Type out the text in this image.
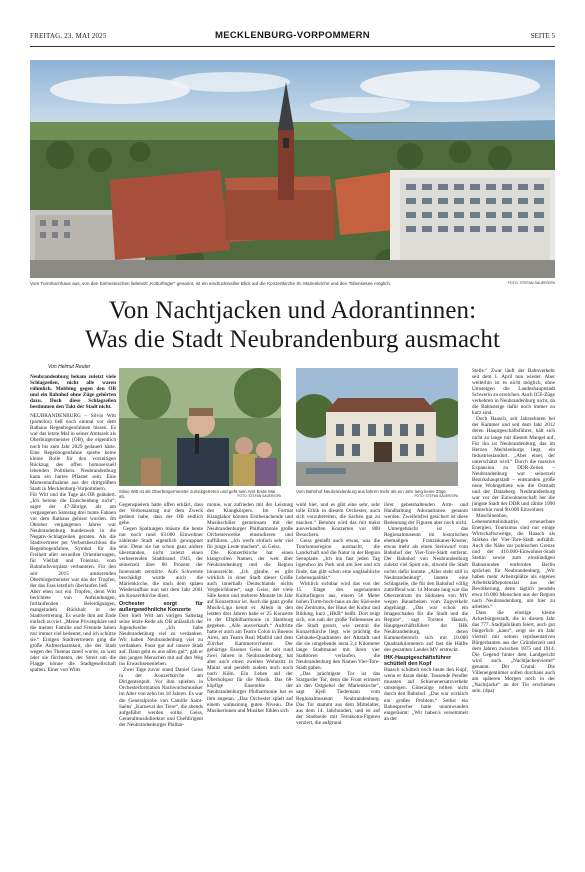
FREITAG, 23. MAI 2025	MECKLENBURG-VORPOMMERN	SEITE 5
Vom Turmhochhaus aus, von den Einheimischen liebevoll „Kulturfinger“ genannt, ist ein eindrucksvoller Blick auf die Konzertkirche St. Marienkirche und den Tollensesee möglich.	FOTO: STEFAN SAUER/DPA
Von Nachtjacken und Adorantinnen:
Was die Stadt Neubrandenburg ausmacht
Von Helmut Reuter

Neubrandenburg bekam zuletzt viele Schlagzeilen, nicht alle waren rühmlich. Mobbing gegen den OB und ein Bahnhof ohne Züge gehörten dazu. Doch diese Schlagzeilen bestimmen den Takt der Stadt nicht.

NEUBRANDENBURG – Silvio Witt (parteilos) ließ noch einmal vor dem Rathaus Regenbogenfahnen hissen. Es war das letzte Mal in seiner Amtszeit als Oberbürgermeister (OB), die eigentlich noch bis zum Jahr 2029 gedauert hätte. Eine Regenbogenfahne spielte keine kleine Rolle für den vorzeitigen Rückzug des offen homosexuell lebenden Politikers. Neubrandenburg kann ein hartes Pflaster sein. Eine Momentaufnahme aus der drittgrößten Stadt in Mecklenburg-Vorpommern.

Für Witt und die Tage als OB geändert. „Ich bereue die Entscheidung nicht“, sagte der 47-Jährige, als am vergangenen Samstag drei bunte Fahnen vor dem Rathaus gehisst wurden. Im Oktober vergangenen Jahres war Neubrandenburg bundesweit in die Negativ-Schlagzeilen geraten. Als die Stadtvertreter per Verbotsbeschluss die Regenbogenfahne, Symbol für die Freiheit aller sexuellen Orientierungen, für Vielfalt und Toleranz, vom Bahnhofsvorplatz verbannten. Für den seit 2015 amtierenden Oberbürgermeister war das der Tropfen, der das Fass letztlich überlaufen ließ.

Aber eben nur ein Tropfen, denn Witt berichtete von Anfeindungen, fortlaufenden Beleidigungen, mangelndem Rückhalt in der Stadtvertretung. Es wurde ihm am Ende einfach zu viel. „Meine Privatsphäre und die meiner Familie und Freunde haben mir immer viel bedeutet, und ich schütze sie.“ Einigen Stadtvertretern ging die große Aufmerksamkeit, die der Stadt wegen des Themas zuteil wurde, zu weit oder sie fürchteten, der Streit um die Flagge könne die Stadtgesellschaft spalten. Einer von Witts

Silvio Witt ist als Oberbürgermeister zurückgetreten und geht sein Amt Ende Mai ab.	FOTO: STEFAN SAUER/DPA
Vom Bahnhof Neubrandenburg aus fahren mehr als ein Jahr lang keine Züge.
FOTO: STEFAN SAUER/DPA

Gegenspielern hatte offen erklärt, dass der Verbotsantrag nur dem Zweck gedient habe, dass der OB endlich gehe.

Gegen Spaltungen müsste die heute nur noch rund 63.000 Einwohner zählende Stadt eigentlich gewappnet sein. Denn sie hat schon ganz andere überstanden, nicht zuletzt einen verheerenden Stadtbrand 1945, der seinerzeit über 80 Prozent der Innenstadt zerstörte. Aufs Schwerste beschädigt wurde auch die Marienkirche, die nach dem späten Wiederaufbau nun seit dem Jahr 2001 als Konzertkirche dient.

Orchester sorgt für außergewöhnliche Konzerte

Dort hielt Witt am vorigen Samstag seine letzte Rede als OB anlässlich der Jugendweihe. „Ich habe Neubrandenburg viel zu verdanken. Wir haben Neubrandenburg viel zu verdanken. Passt gut auf unsere Stadt auf. Dann geht es uns allen gut“, gab er den jungen Menschen mit auf den Weg ins Erwachsenenleben.

Zwei Tage zuvor stand Daniel Geiss in der Konzertkirche am Dirigentenpult. Vor ihm spielten in Orchesterformation Nachwuchsmusiker im Alter von zehn bis 18 Jahren. Es war die Generalprobe von Camille Saint-Saëns' „Karneval der Tiere“, die abends aufgeführt werden sollte. Geiss, Generalmusikdirektor und Chefdirigent der Neubrandenburger Philhar-

monie, war zufrieden mit der Leistung des Klangkörpers. Im Format Klanglabor können Erstbesuchende und Musikschüler gemeinsam mit der Neubrandenburger Philharmonie große Orchesterwerke einstudieren und aufführen. „Ich werfe einfach sehr viel für junge Leute machen“, so Geiss.

Die Konzertkirche hat einen klangvollen Namen, der weit über Neubrandenburg und die Region hinausreicht. „Ich glaube, es gibt wirklich in einer Stadt dieser Größe auch innerhalb Deutschlands nichts Vergleichbares“, sagt Geiss, der viele Säle kennt und mehrere Monate im Jahr auf Konzerttour ist. Auch die ganz große Musik-Liga kennt er. Allein in den letzten drei Jahren habe er 25 Konzerte in der Elbphilharmonie in Hamburg gegeben. „Alle ausverkauft.“ Auftritte hatte er auch am Teatro Colon in Buenos Aires, am Teatro Real Madrid und dem Zürcher Kammerorchester. Der gebürtige Essener Geiss ist seit rund zwei Jahren in Neubrandenburg, hat aber auch einen zweiten Wohnsitz in Mainz und pendelt zudem auch noch nach Köln. Ein Leben auf der Überholspur für die Musik. Das 68-köpfige Ensemble der Neubrandenburger Philharmonie hat es ihm angetan. „Das Orchester spielt auf einem wahnsinnig guten Niveau. Die Musikerinnen und Musiker fühlen sich

wohl hier, und es gibt eine sehr, sehr tolle Ethik in diesem Orchester, auch sich vorzubereiten, die Sachen gut zu machen.“ Belohnt wird das mit meist ausverkauften Konzerten vor 800 Besuchern.

Geiss genießt auch etwas, was die Tourismusregion ausmacht, die Landschaft und die Natur in der Region Seenplatte. „Ich bin fast jeden Tag irgendwo im Park und am See und ich finde, das gibt schon eine unglaubliche Lebensqualität.“

Wirklich sichtbar wird das von der 15. Etage des sogenannten Kulturfingers aus, einem 56 Meter hohen Turm-hoch-haus an der Süd-seite des Zentrums, der Haus der Kultur und Bildung, kurz „HKB“ heißt. Dort zeigt sich, wie nah der große Tollensesee an die Stadt grenzt, wie zentral die Konzertkirche liegt, wie prächtig die Gebäude-Quadranten der Altstadt und die sie umgebende insta 2,4 Kilometer lange Stadtmauer mit ihren vier Stadttoren verlaufen, die Neubrandenburg den Namen Vier-Tore-Stadt gaben.

„Das prächtigste Tor ist das Stargarder Tor, denn die Front erinnert an den Ostgiebel der Marienkirche“, sagt Kjell Tiedemann vom Regionalmuseum Neubrandenburg. Das Tor stammt aus dem Mittelalter, aus dem 14. Jahrhundert, und ist auf der Stadtseite mit Terrakotta-Figuren verziert, die aufgrund

ihrer gebetshaltenden Arm- und Handhaltung Adorantinnen genannt werden. Zweifelsfrei gesichert ist diese Bedeutung der Figuren aber noch nicht.

Untergebracht ist das Regionalmuseum im historischen ehemaligen Franziskaner-Kloster, etwas mehr als einen Steinwurf vom Bahnhof der Vier-Tore-Stadt entfernt. Der Bahnhof von Neubrandenburg zuletzt viel Spott ein, obwohl die Stadt nichts dafür konnte. „Alles steht still in Neubrandenburg“, lautete eine Schlagzeile, die für den Bahnhof völlig zutreffend war. 14 Monate lang war das Oberzentrum im Südosten von MV wegen Bauarbeiten vom Zugverkehr abgehängt. „Das war schon ein Imageschaden für die Stadt und die Region“, sagt Torsten Haasch, Hauptgeschäftsführer der IHK Neubrandenburg, deren Kammerbereich sich mit 10.000 Quadratkilometern auf fast die Hälfte des gesamten Landes MV erstreckt.

IHK-Hauptgeschäftsführer schüttelt den Kopf

Haasch schüttelt noch heute den Kopf, wenn er daran denkt. Tausende Pendler mussten auf Schienenersatzverkehr umsteigen. Güterzüge rollten nicht durch den Bahnhof. „Das war wirklich ein großes Problem.“ Selbst ein Bahnsprecher hatte unumwunden eingeräumt: „Wir haben's versemmelt an der

Stelle.“ Zwar läuft der Bahnverkehr seit dem 1. April nun wieder. Aber weiterhin ist es nicht möglich, ohne Umsteigen die Landeshauptstadt Schwerin zu erreichen. Auch ICE-Züge verkehren in Neubrandenburg nicht, da die Bahnsteige dafür noch immer zu kurz sind.

Doch Haasch, seit Jahrzehnten bei der Kammer und seit dem Jahr 2012 deren Hauptgeschäftsführer, hält sich nicht zu lange mit diesem Mangel auf. Für ihn ist Neubrandenburg, das im Herzen Mecklenburgs liegt, ein Industriestandort. „Aber einer, der unterschätzt wird.“ Durch die massive Expansion zu DDR-Zeiten – Neubrandenburg war seinerzeit Bezirkshauptstadt – entstanden große neue Wohngebiete wie die Oststadt und der Datzeberg. Neubrandenburg war vor der Einwohnerschaft her die jüngste Stadt der DDR und zählte 1990 immerhin rund 90.000 Einwohner.

Maschinenbau, Lebensmittelindustrie, erneuerbare Energien, Tourismus sind nur einige Wirtschaftszweige, die Haasch als Stärken der Vier-Tore-Stadt aufzählt. Auch die Nähe zur polnischen Grenze und der 410.000-Einwohner-Stadt Stettin sowie zum einstündigen Bahnstunden entfernten Berlin sprächen für Neubrandenburg. „Wir haben mehr Arbeitsplätze als eigenes Arbeitskräftepotenzial aus der Bevölkerung, denn täglich pendeln etwa 16.000 Menschen aus der Region nach Neubrandenburg, um hier zu arbeiten.“

Dass die einstige kleine Ackerbürgerstadt, die in diesem Jahr das 777. Stadtjubiläum feiert, auch gut bürgerlich „kann“, zeigt sie im Jahr vierteil mit seinen repräsentativen Bürgerbauten aus der Gründerzeit und dem Jahren zwischen 1875 und 1914. Die Gegend hinter dem Landgericht wird auch „Nachtjackenviertel“ genannt. Der Grund: Die Villeneigentümer sollen durchaus auch am späteren Morgen noch in der „Nachtjacke“ an der Tür erschienen sein. (dpa)
